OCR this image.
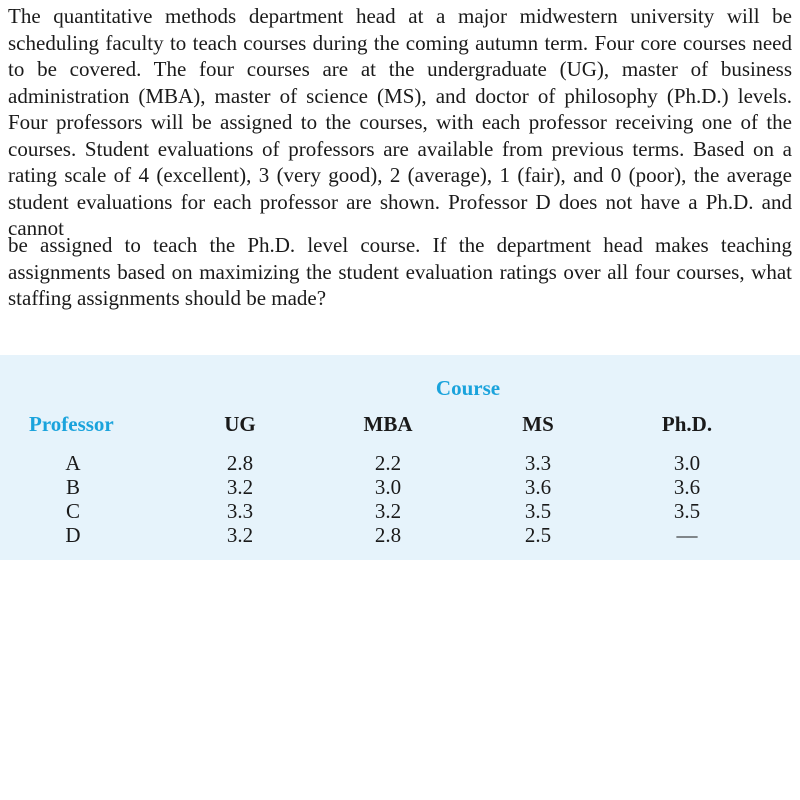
The quantitative methods department head at a major midwestern university will be scheduling faculty to teach courses during the coming autumn term. Four core courses need to be covered. The four courses are at the undergraduate (UG), master of business administration (MBA), master of science (MS), and doctor of philosophy (Ph.D.) levels. Four professors will be assigned to the courses, with each professor receiving one of the courses. Student evaluations of professors are available from previous terms. Based on a rating scale of 4 (excellent), 3 (very good), 2 (average), 1 (fair), and 0 (poor), the average student evaluations for each professor are shown. Professor D does not have a Ph.D. and cannot

be assigned to teach the Ph.D. level course. If the department head makes teaching assignments based on maximizing the student evaluation ratings over all four courses, what staffing assignments should be made?

Course
Professor	UG	MBA	MS	Ph.D.
A	2.8	2.2	3.3	3.0
B	3.2	3.0	3.6	3.6
C	3.3	3.2	3.5	3.5
D	3.2	2.8	2.5	—
